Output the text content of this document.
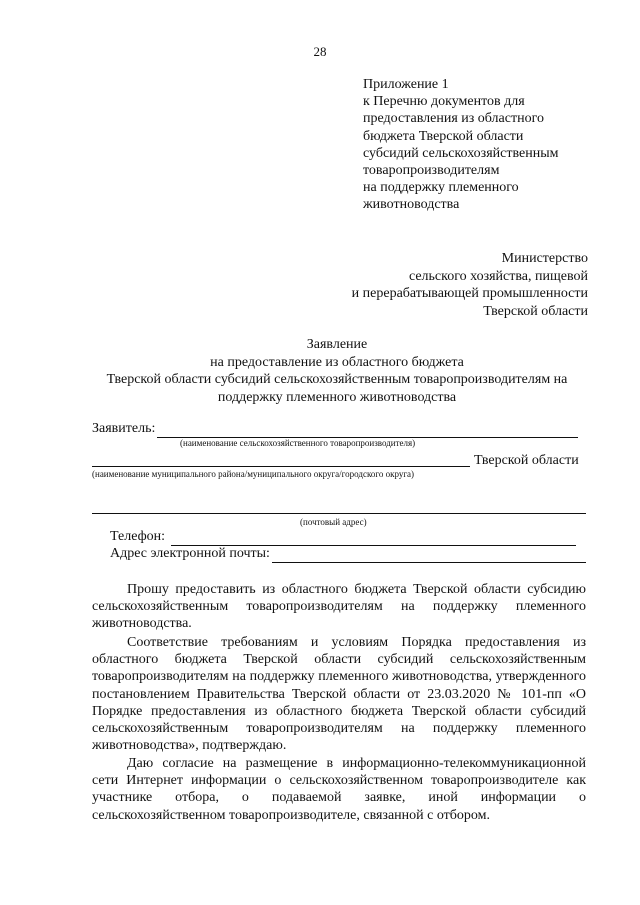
28
Приложение 1
к Перечню документов для
предоставления из областного
бюджета Тверской области
субсидий сельскохозяйственным
товаропроизводителям
на поддержку племенного
животноводства
Министерство
сельского хозяйства, пищевой
и перерабатывающей промышленности
Тверской области
Заявление
на предоставление из областного бюджета
Тверской области субсидий сельскохозяйственным товаропроизводителям на
поддержку племенного животноводства
Заявитель:
(наименование сельскохозяйственного товаропроизводителя)
Тверской области
(наименование муниципального района/муниципального округа/городского округа)
(почтовый адрес)
Телефон:
Адрес электронной почты:
Прошу предоставить из областного бюджета Тверской области субсидию сельскохозяйственным товаропроизводителям на поддержку племенного животноводства.
Соответствие требованиям и условиям Порядка предоставления из областного бюджета Тверской области субсидий сельскохозяйственным товаропроизводителям на поддержку племенного животноводства, утвержденного постановлением Правительства Тверской области от 23.03.2020 № 101-пп «О Порядке предоставления из областного бюджета Тверской области субсидий сельскохозяйственным товаропроизводителям на поддержку племенного животноводства», подтверждаю.
Даю согласие на размещение в информационно-телекоммуникационной сети Интернет информации о сельскохозяйственном товаропроизводителе как участнике отбора, о подаваемой заявке, иной информации о сельскохозяйственном товаропроизводителе, связанной с отбором.
